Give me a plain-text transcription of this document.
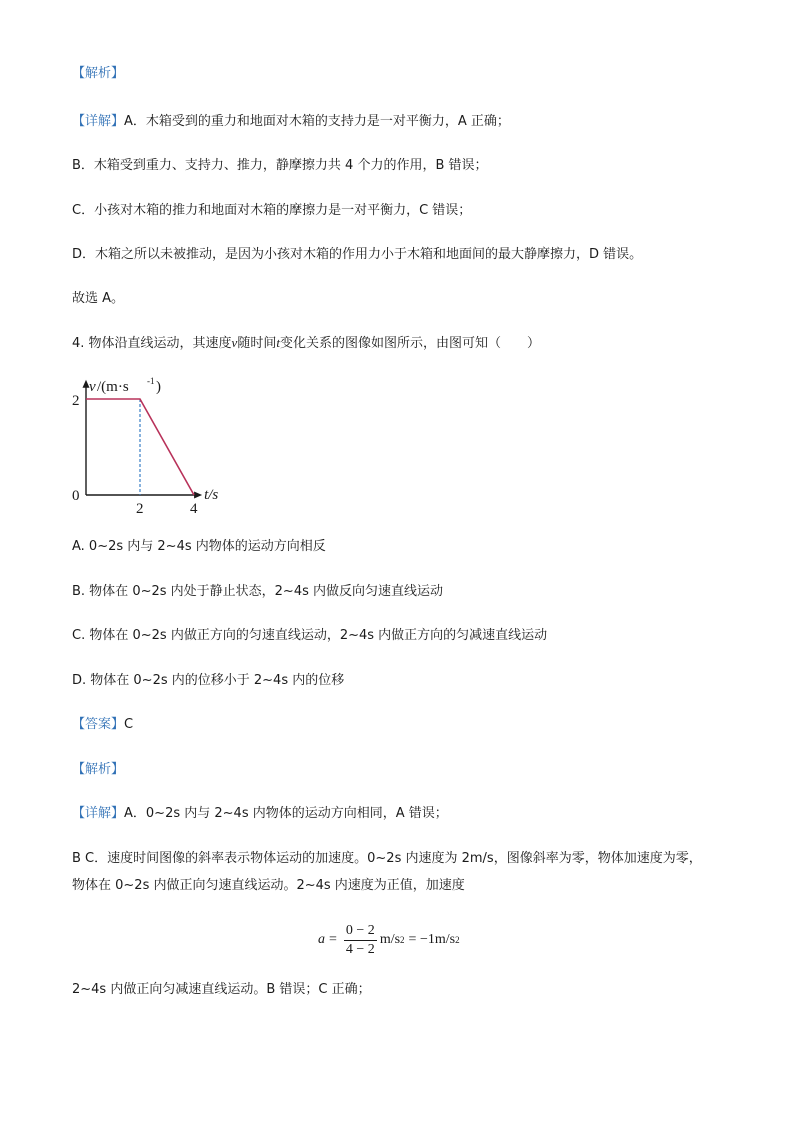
【解析】
【详解】A．木箱受到的重力和地面对木箱的支持力是一对平衡力，A 正确；
B．木箱受到重力、支持力、推力，静摩擦力共 4 个力的作用，B 错误；
C．小孩对木箱的推力和地面对木箱的摩擦力是一对平衡力，C 错误；
D．木箱之所以未被推动，是因为小孩对木箱的作用力小于木箱和地面间的最大静摩擦力，D 错误。
故选 A。
4. 物体沿直线运动，其速度v随时间t变化关系的图像如图所示，由图可知（　　）
v /(m·s -1 )
t/s
0
2	4
2
A. 0~2s 内与 2~4s 内物体的运动方向相反
B. 物体在 0~2s 内处于静止状态，2~4s 内做反向匀速直线运动
C. 物体在 0~2s 内做正方向的匀速直线运动，2~4s 内做正方向的匀减速直线运动
D. 物体在 0~2s 内的位移小于 2~4s 内的位移
【答案】C
【解析】
【详解】A．0~2s 内与 2~4s 内物体的运动方向相同，A 错误；
B C．速度时间图像的斜率表示物体运动的加速度。0~2s 内速度为 2m/s，图像斜率为零，物体加速度为零，
物体在 0~2s 内做正向匀速直线运动。2~4s 内速度为正值，加速度
$a = \frac{0 - 2}{4 - 2} m/s$ 2 = −1m/s 2
2~4s 内做正向匀减速直线运动。B 错误；C 正确；
